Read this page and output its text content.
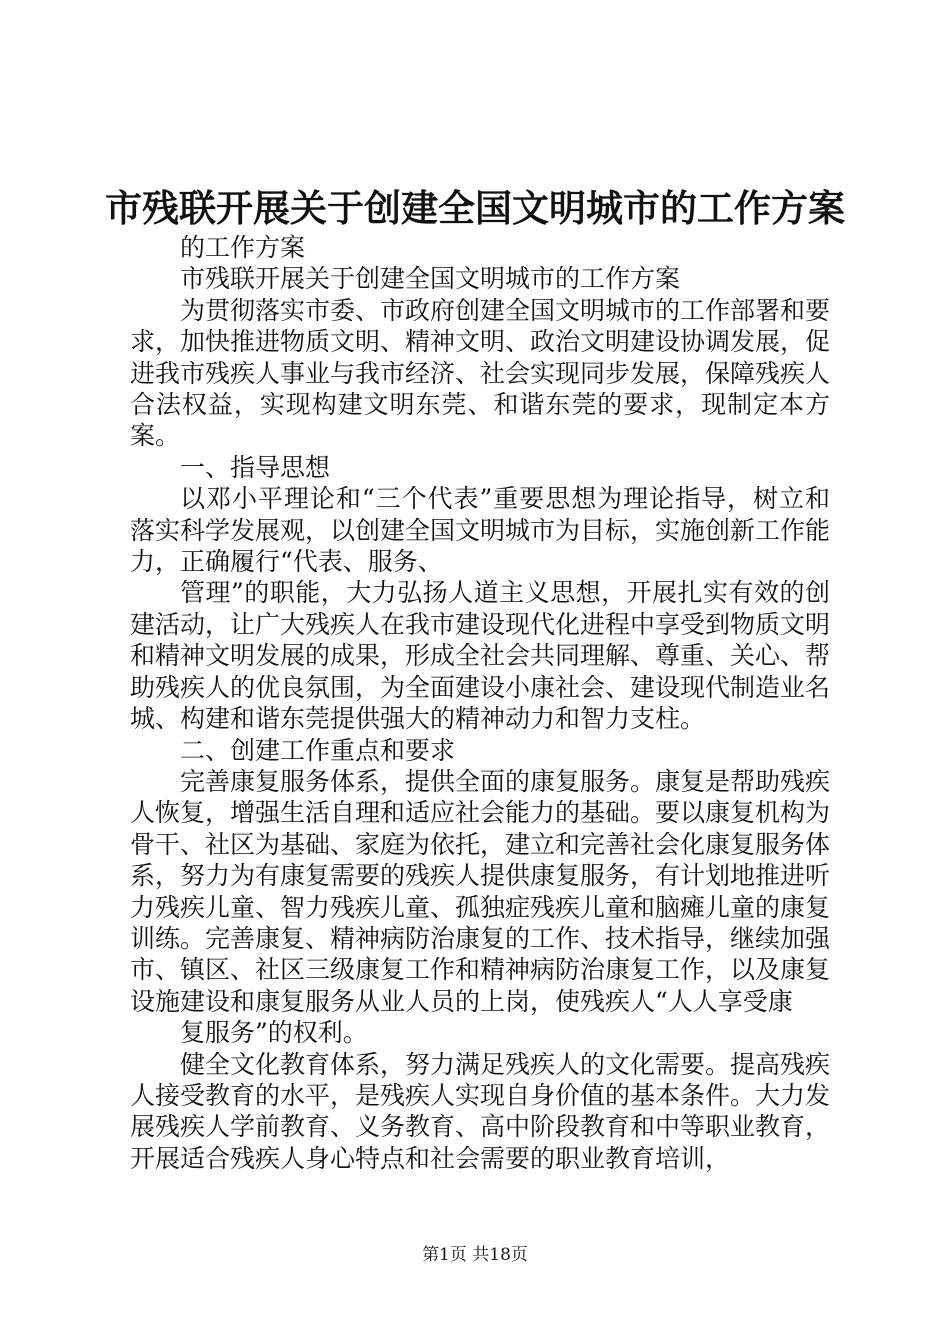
市残联开展关于创建全国文明城市的工作方案

的工作方案

市残联开展关于创建全国文明城市的工作方案

为贯彻落实市委、市政府创建全国文明城市的工作部署和要求，加快推进物质文明、精神文明、政治文明建设协调发展，促进我市残疾人事业与我市经济、社会实现同步发展，保障残疾人合法权益，实现构建文明东莞、和谐东莞的要求，现制定本方案。

一、指导思想

以邓小平理论和“三个代表”重要思想为理论指导，树立和落实科学发展观，以创建全国文明城市为目标，实施创新工作能力，正确履行“代表、服务、

管理”的职能，大力弘扬人道主义思想，开展扎实有效的创建活动，让广大残疾人在我市建设现代化进程中享受到物质文明和精神文明发展的成果，形成全社会共同理解、尊重、关心、帮助残疾人的优良氛围，为全面建设小康社会、建设现代制造业名城、构建和谐东莞提供强大的精神动力和智力支柱。

二、创建工作重点和要求

完善康复服务体系，提供全面的康复服务。康复是帮助残疾人恢复，增强生活自理和适应社会能力的基础。要以康复机构为骨干、社区为基础、家庭为依托，建立和完善社会化康复服务体系，努力为有康复需要的残疾人提供康复服务，有计划地推进听力残疾儿童、智力残疾儿童、孤独症残疾儿童和脑瘫儿童的康复训练。完善康复、精神病防治康复的工作、技术指导，继续加强市、镇区、社区三级康复工作和精神病防治康复工作，以及康复设施建设和康复服务从业人员的上岗，使残疾人“人人享受康

复服务”的权利。

健全文化教育体系，努力满足残疾人的文化需要。提高残疾人接受教育的水平，是残疾人实现自身价值的基本条件。大力发展残疾人学前教育、义务教育、高中阶段教育和中等职业教育，开展适合残疾人身心特点和社会需要的职业教育培训，

第1页 共18页
